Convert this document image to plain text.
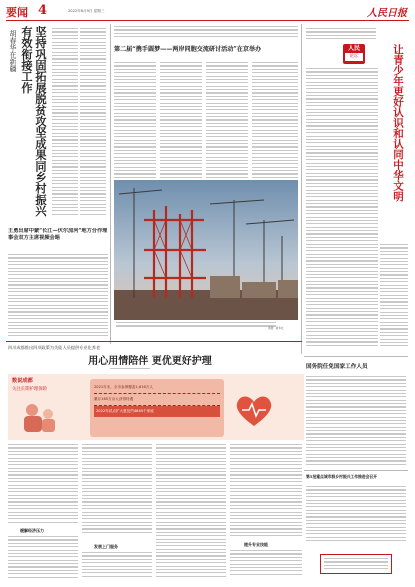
要闻 4	2022年6月9日 星期三	人民日报
坚持巩固拓展脱贫攻坚成果同乡村振兴有效衔接工作
胡春华在新疆	第二届“携手圆梦——两岸同胞交流研讨活动”在京举办	人民
论坛	让青少年更好认识和认同中华文明
供图：新华社
王勇出席中蒙“长江—伏尔加河”地方合作理事会双方主席视频会晤
四川成都推出四项政策为失能人员提供专业化养老
用心用情陪伴 更优更好护理
数说成都
关注长期护理保险	2021年末，全市参保覆盖1,616万人
累计165万余人获得待遇
2022年试点扩大惠及约4845个家庭
缓解经济压力
发展上门服务	提升专业技能
国务院任免国家工作人员
第5批重点城市群乡村振兴工作推进会召开
